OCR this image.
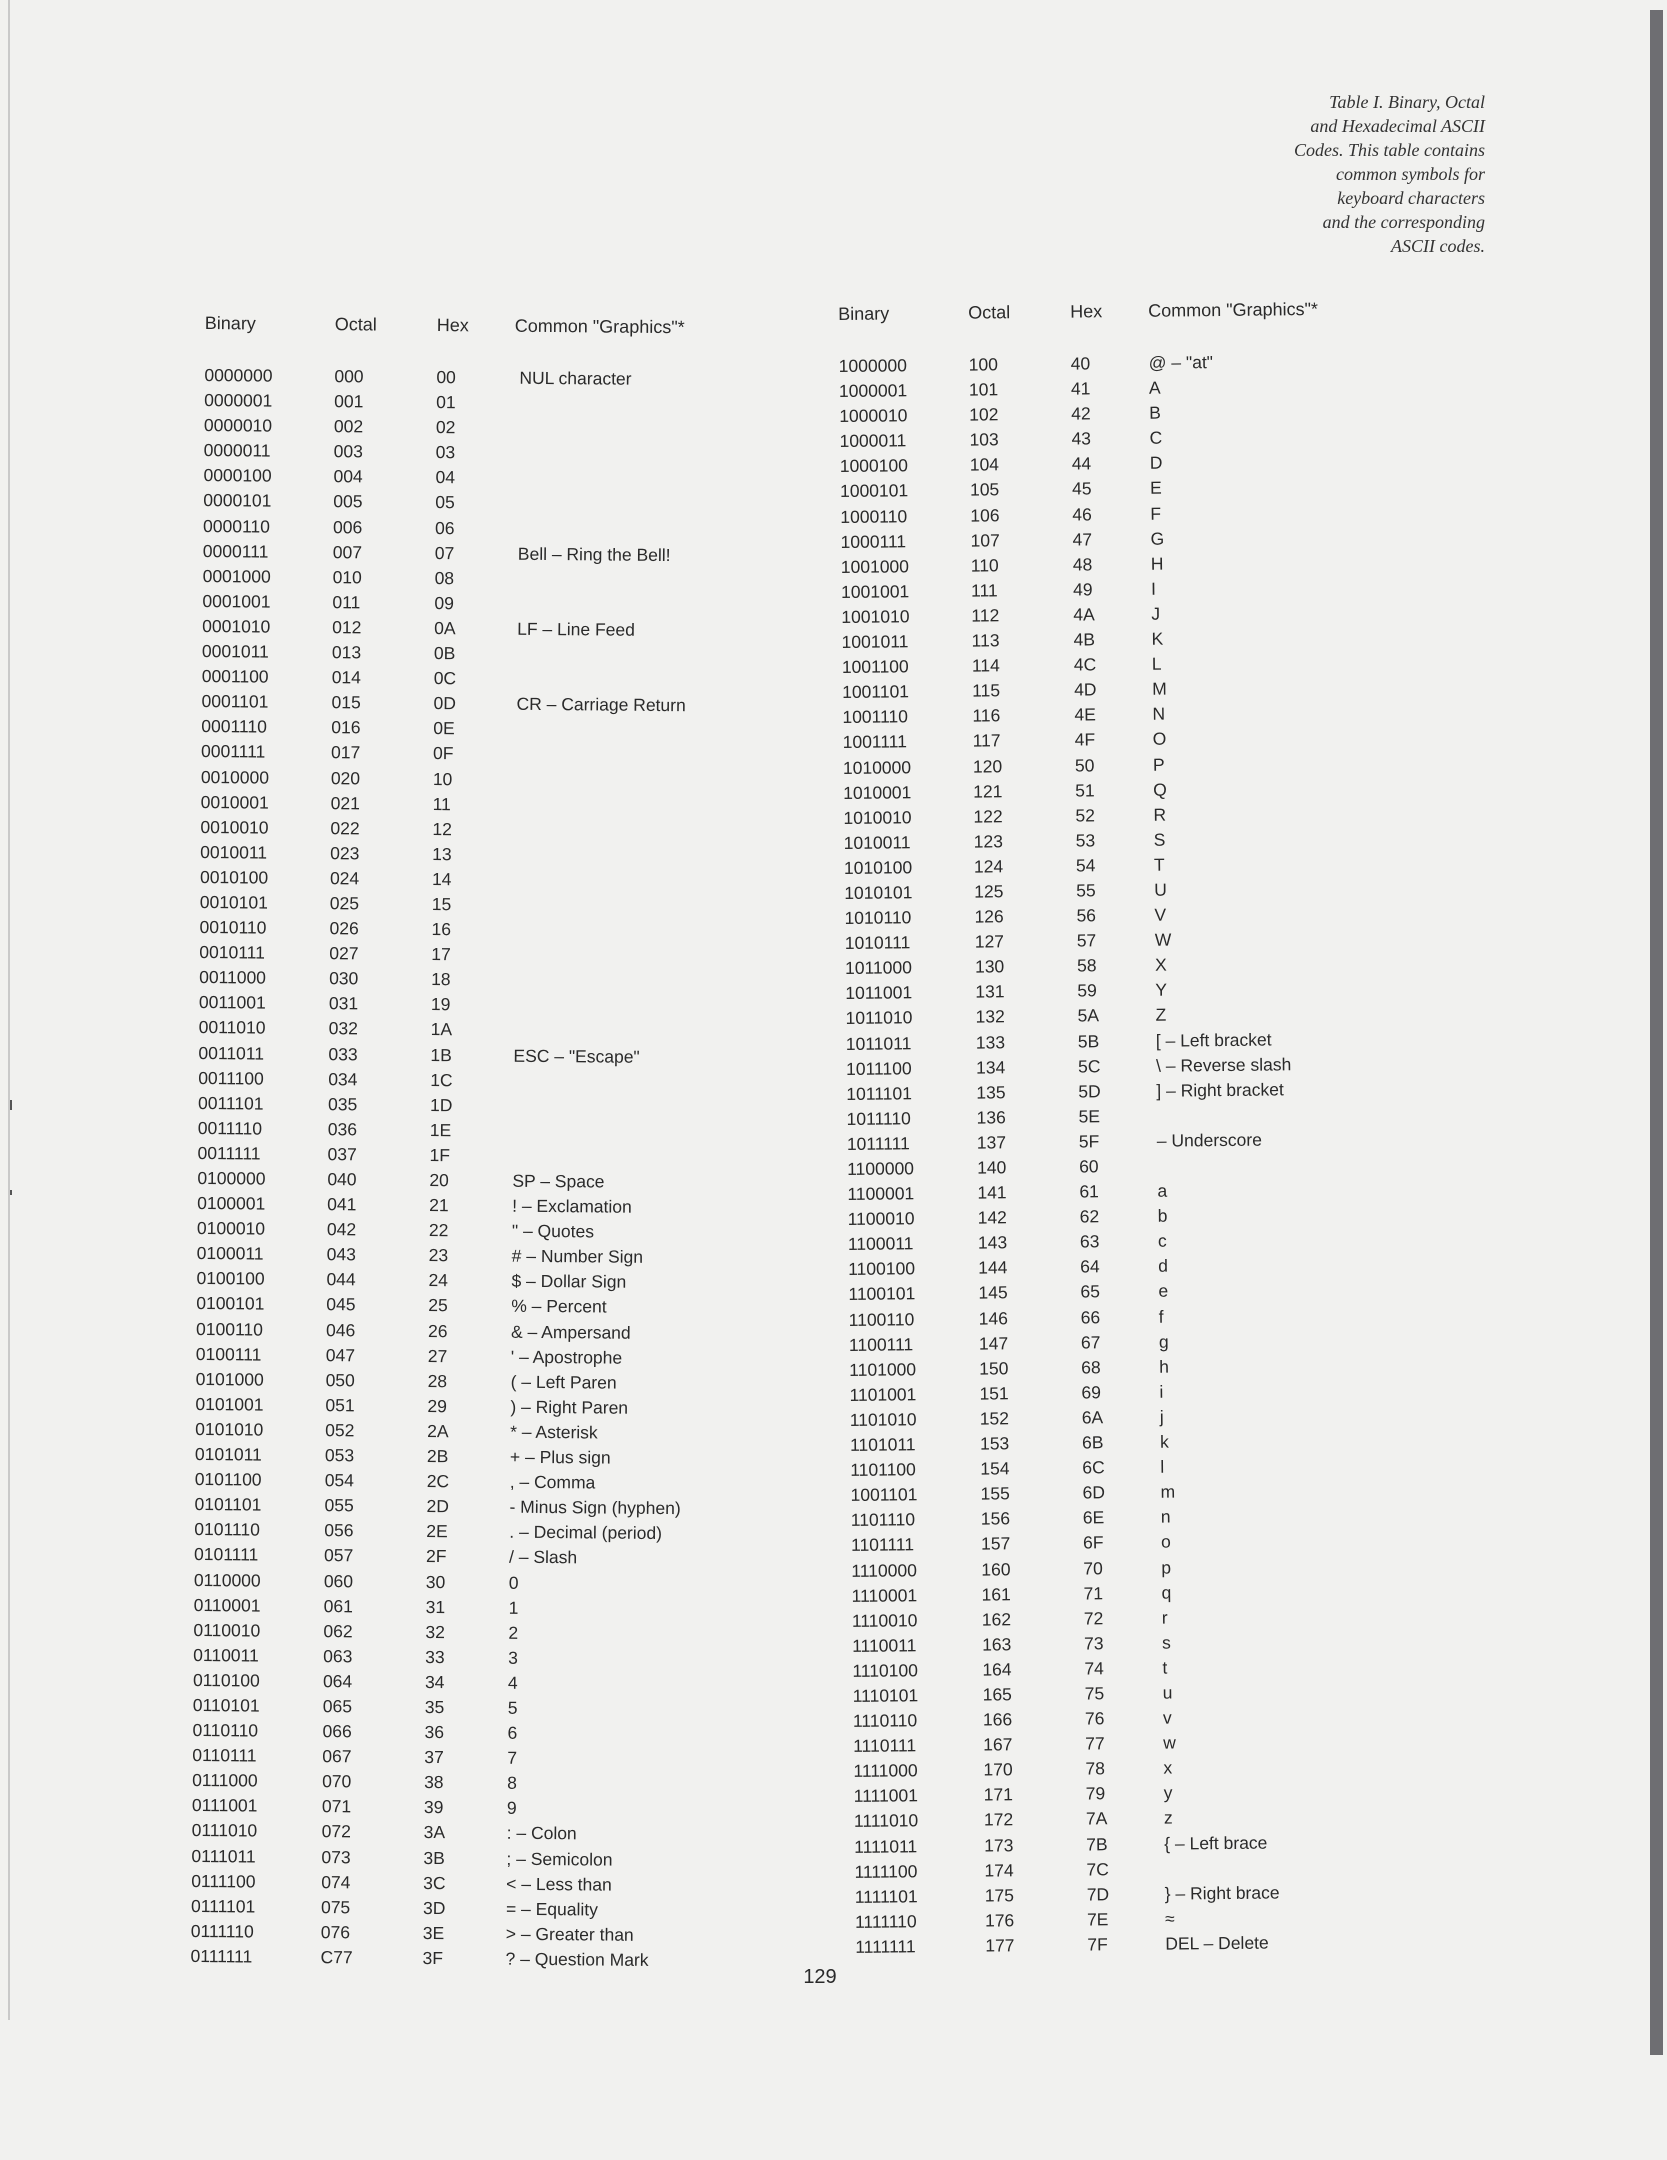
Table I. Binary, Octal

and Hexadecimal ASCII

Codes. This table contains

common symbols for

keyboard characters

and the corresponding

ASCII codes.

Binary	Octal	Hex	Common "Graphics"*
0000000	000	00	NUL character
0000001	001	01
0000010	002	02
0000011	003	03
0000100	004	04
0000101	005	05
0000110	006	06
0000111	007	07	Bell – Ring the Bell!
0001000	010	08
0001001	011	09
0001010	012	0A	LF – Line Feed
0001011	013	0B
0001100	014	0C
0001101	015	0D	CR – Carriage Return
0001110	016	0E
0001111	017	0F
0010000	020	10
0010001	021	11
0010010	022	12
0010011	023	13
0010100	024	14
0010101	025	15
0010110	026	16
0010111	027	17
0011000	030	18
0011001	031	19
0011010	032	1A
0011011	033	1B	ESC – "Escape"
0011100	034	1C
0011101	035	1D
0011110	036	1E
0011111	037	1F
0100000	040	20	SP – Space
0100001	041	21	! – Exclamation
0100010	042	22	" – Quotes
0100011	043	23	# – Number Sign
0100100	044	24	$ – Dollar Sign
0100101	045	25	% – Percent
0100110	046	26	& – Ampersand
0100111	047	27	' – Apostrophe
0101000	050	28	( – Left Paren
0101001	051	29	) – Right Paren
0101010	052	2A	* – Asterisk
0101011	053	2B	+ – Plus sign
0101100	054	2C	, – Comma
0101101	055	2D	- Minus Sign (hyphen)
0101110	056	2E	. – Decimal (period)
0101111	057	2F	/ – Slash
0110000	060	30	0
0110001	061	31	1
0110010	062	32	2
0110011	063	33	3
0110100	064	34	4
0110101	065	35	5
0110110	066	36	6
0110111	067	37	7
0111000	070	38	8
0111001	071	39	9
0111010	072	3A	: – Colon
0111011	073	3B	; – Semicolon
0111100	074	3C	< – Less than
0111101	075	3D	= – Equality
0111110	076	3E	> – Greater than
0111111	C77	3F	? – Question Mark
Binary	Octal	Hex	Common "Graphics"*
1000000	100	40	@ – "at"
1000001	101	41	A
1000010	102	42	B
1000011	103	43	C
1000100	104	44	D
1000101	105	45	E
1000110	106	46	F
1000111	107	47	G
1001000	110	48	H
1001001	111	49	I
1001010	112	4A	J
1001011	113	4B	K
1001100	114	4C	L
1001101	115	4D	M
1001110	116	4E	N
1001111	117	4F	O
1010000	120	50	P
1010001	121	51	Q
1010010	122	52	R
1010011	123	53	S
1010100	124	54	T
1010101	125	55	U
1010110	126	56	V
1010111	127	57	W
1011000	130	58	X
1011001	131	59	Y
1011010	132	5A	Z
1011011	133	5B	[ – Left bracket
1011100	134	5C	\ – Reverse slash
1011101	135	5D	] – Right bracket
1011110	136	5E
1011111	137	5F	– Underscore
1100000	140	60
1100001	141	61	a
1100010	142	62	b
1100011	143	63	c
1100100	144	64	d
1100101	145	65	e
1100110	146	66	f
1100111	147	67	g
1101000	150	68	h
1101001	151	69	i
1101010	152	6A	j
1101011	153	6B	k
1101100	154	6C	l
1001101	155	6D	m
1101110	156	6E	n
1101111	157	6F	o
1110000	160	70	p
1110001	161	71	q
1110010	162	72	r
1110011	163	73	s
1110100	164	74	t
1110101	165	75	u
1110110	166	76	v
1110111	167	77	w
1111000	170	78	x
1111001	171	79	y
1111010	172	7A	z
1111011	173	7B	{ – Left brace
1111100	174	7C
1111101	175	7D	} – Right brace
1111110	176	7E	≈
1111111	177	7F	DEL – Delete
129
